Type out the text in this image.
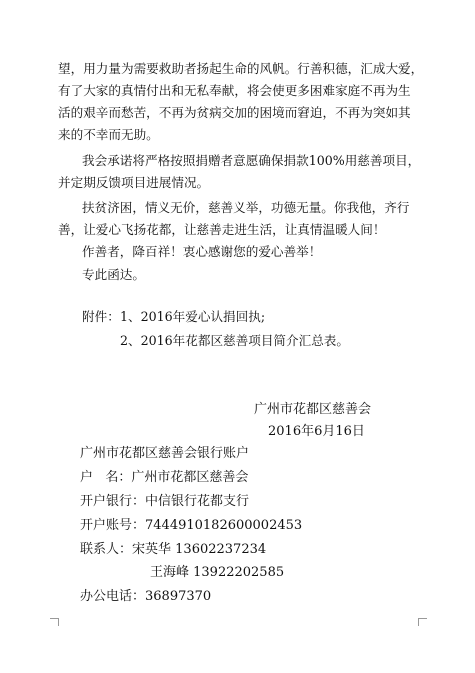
望，用力量为需要救助者扬起生命的风帆。行善积德，汇成大爱，
有了大家的真情付出和无私奉献，将会使更多困难家庭不再为生
活的艰辛而愁苦，不再为贫病交加的困境而窘迫，不再为突如其
来的不幸而无助。
我会承诺将严格按照捐赠者意愿确保捐款100%用慈善项目，
并定期反馈项目进展情况。
扶贫济困，情义无价，慈善义举，功德无量。你我他，齐行
善，让爱心飞扬花都，让慈善走进生活，让真情温暖人间！
作善者，降百祥！衷心感谢您的爱心善举！
专此函达。
附件： 1、2016年爱心认捐回执;
2、2016年花都区慈善项目简介汇总表。
广州市花都区慈善会
2016年6月16日
广州市花都区慈善会银行账户
户   名：广州市花都区慈善会
开户银行：中信银行花都支行
开户账号：7444910182600002453
联系人：宋英华 13602237234
王海峰 13922202585
办公电话：36897370
